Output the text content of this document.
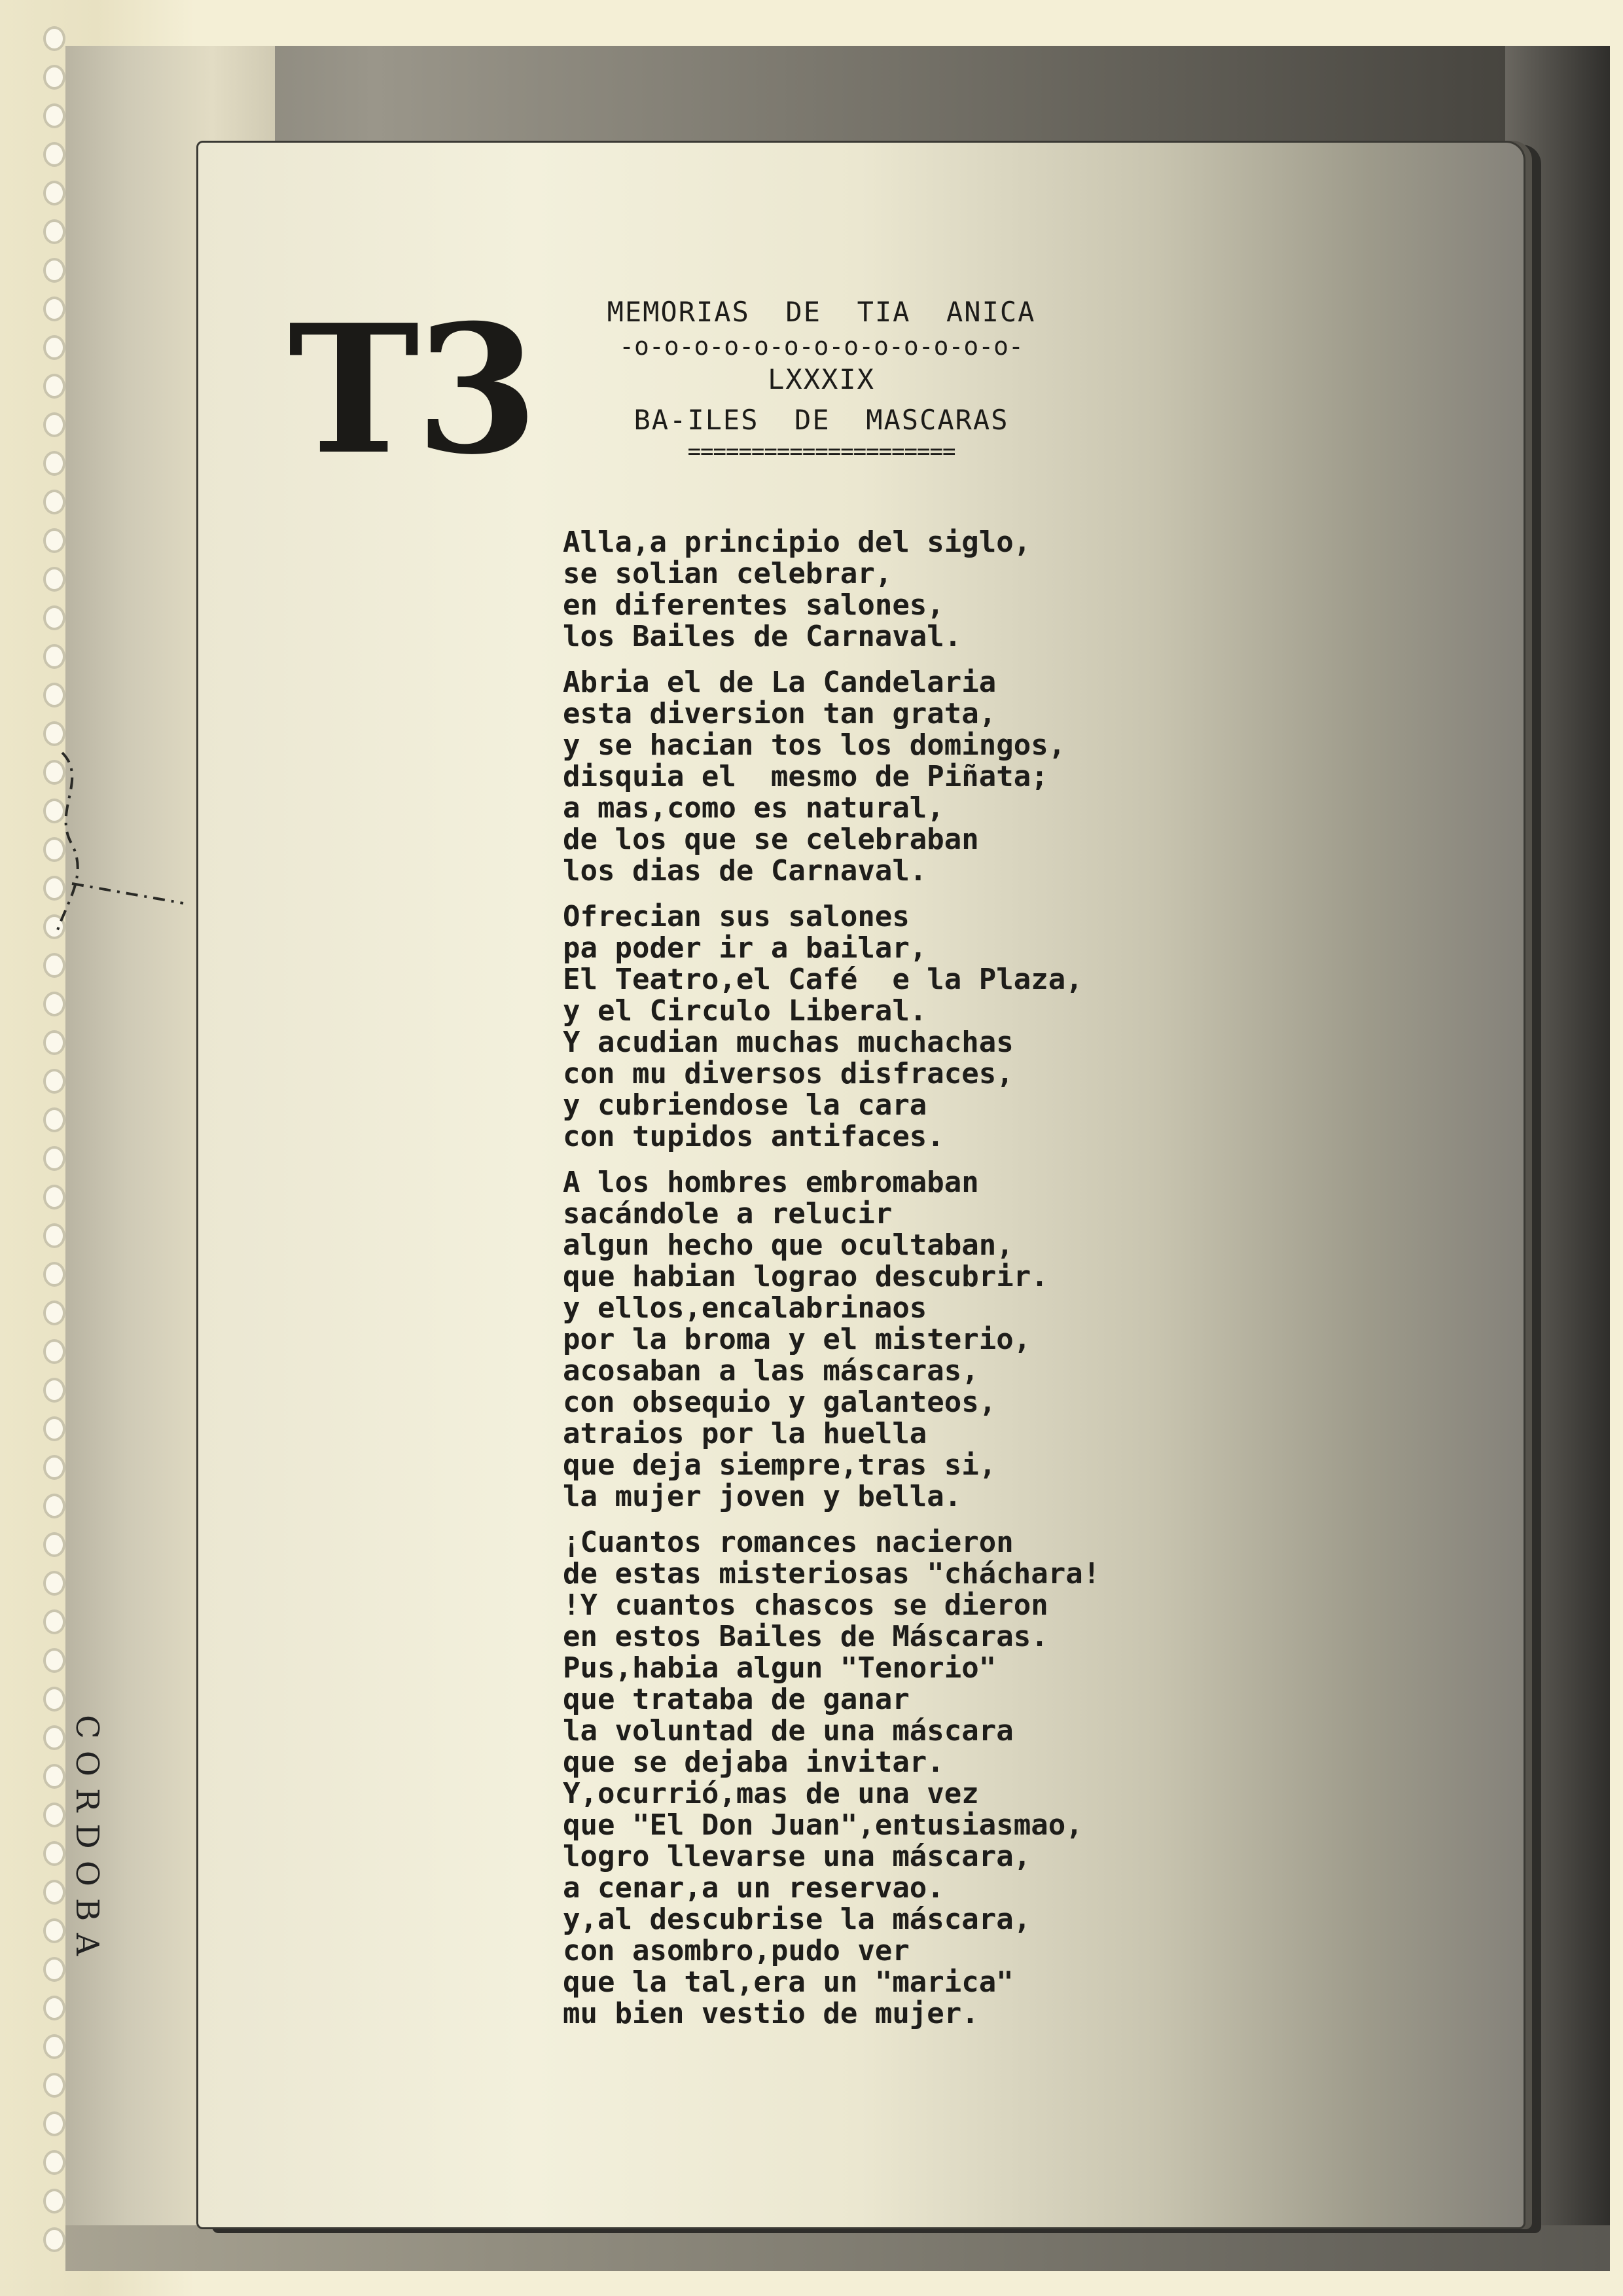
CORDOBA
T3	MEMORIAS  DE  TIA  ANICA
-o-o-o-o-o-o-o-o-o-o-o-o-o-
LXXXIX
BA-ILES  DE  MASCARAS
=====================
Alla,a principio del siglo,
se solian celebrar,
en diferentes salones,
los Bailes de Carnaval.
Abria el de La Candelaria
esta diversion tan grata,
y se hacian tos los domingos,
disquia el  mesmo de Piñata;
a mas,como es natural,
de los que se celebraban
los dias de Carnaval.
Ofrecian sus salones
pa poder ir a bailar,
El Teatro,el Café  e la Plaza,
y el Circulo Liberal.
Y acudian muchas muchachas
con mu diversos disfraces,
y cubriendose la cara
con tupidos antifaces.
A los hombres embromaban
sacándole a relucir
algun hecho que ocultaban,
que habian lograo descubrir.
y ellos,encalabrinaos
por la broma y el misterio,
acosaban a las máscaras,
con obsequio y galanteos,
atraios por la huella
que deja siempre,tras si,
la mujer joven y bella.
¡Cuantos romances nacieron
de estas misteriosas "cháchara!
!Y cuantos chascos se dieron
en estos Bailes de Máscaras.
Pus,habia algun "Tenorio"
que trataba de ganar
la voluntad de una máscara
que se dejaba invitar.
Y,ocurrió,mas de una vez
que "El Don Juan",entusiasmao,
logro llevarse una máscara,
a cenar,a un reservao.
y,al descubrise la máscara,
con asombro,pudo ver
que la tal,era un "marica"
mu bien vestio de mujer.
